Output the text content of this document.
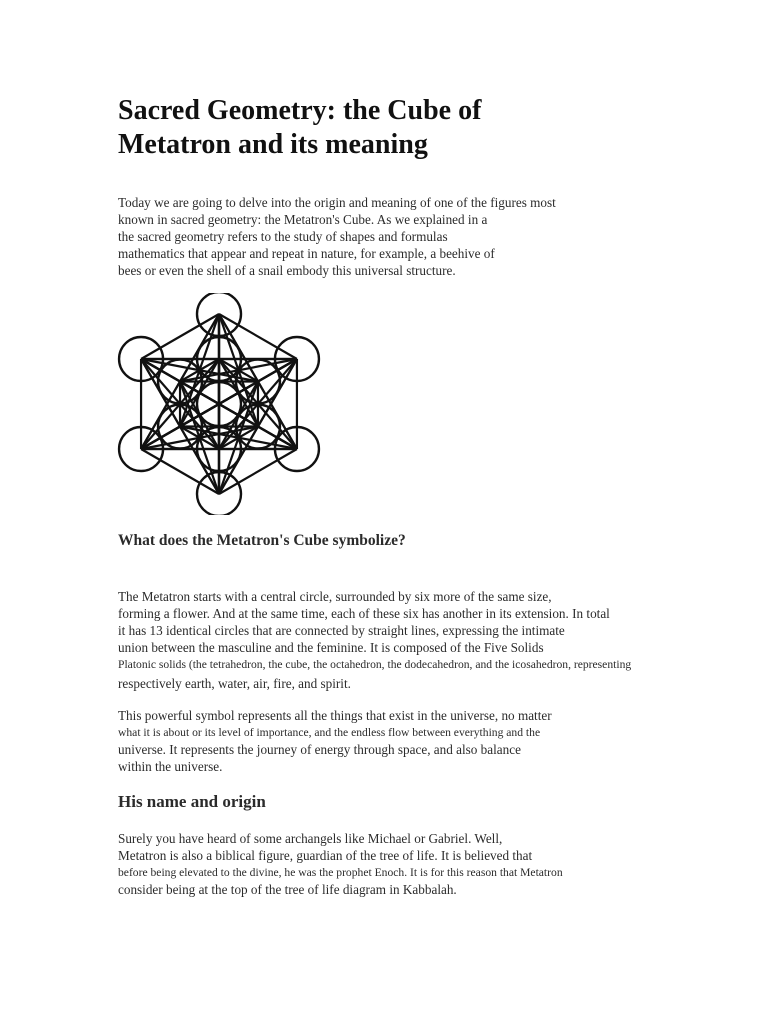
Sacred Geometry: the Cube of
Metatron and its meaning

Today we are going to delve into the origin and meaning of one of the figures most
known in sacred geometry: the Metatron's Cube. As we explained in a
the sacred geometry refers to the study of shapes and formulas
mathematics that appear and repeat in nature, for example, a beehive of
bees or even the shell of a snail embody this universal structure.

What does the Metatron's Cube symbolize?

The Metatron starts with a central circle, surrounded by six more of the same size,
forming a flower. And at the same time, each of these six has another in its extension. In total
it has 13 identical circles that are connected by straight lines, expressing the intimate
union between the masculine and the feminine. It is composed of the Five Solids
Platonic solids (the tetrahedron, the cube, the octahedron, the dodecahedron, and the icosahedron, representing
respectively earth, water, air, fire, and spirit.

This powerful symbol represents all the things that exist in the universe, no matter
what it is about or its level of importance, and the endless flow between everything and the
universe. It represents the journey of energy through space, and also balance
within the universe.

His name and origin

Surely you have heard of some archangels like Michael or Gabriel. Well,
Metatron is also a biblical figure, guardian of the tree of life. It is believed that
before being elevated to the divine, he was the prophet Enoch. It is for this reason that Metatron
consider being at the top of the tree of life diagram in Kabbalah.
